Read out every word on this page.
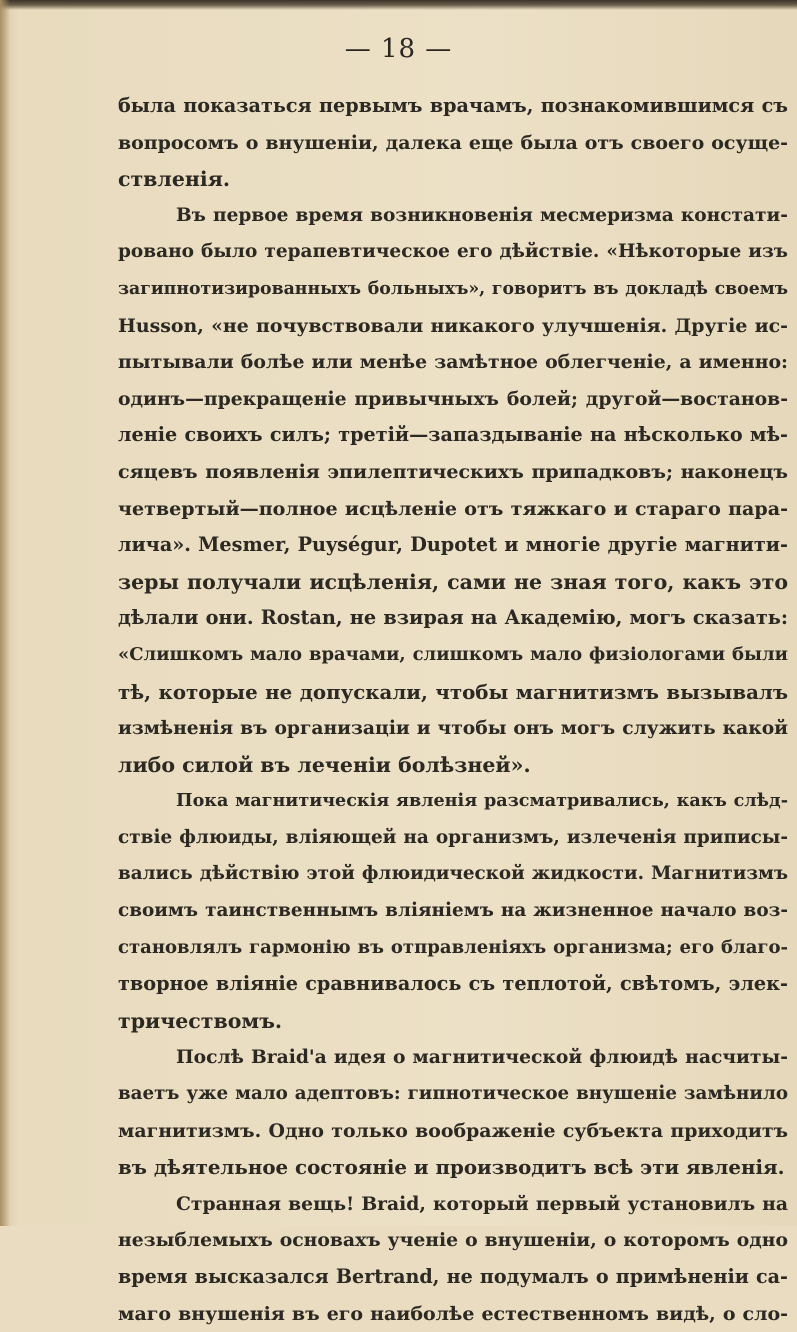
— 18 —
была показаться первымъ врачамъ, познакомившимся съ
вопросомъ о внушеніи, далека еще была отъ своего осуще-
ствленія.
Въ первое время возникновенія месмеризма констати-
ровано было терапевтическое его дѣйствіе. «Нѣкоторые изъ
загипнотизированныхъ больныхъ», говоритъ въ докладѣ своемъ
Husson, «не почувствовали никакого улучшенія. Другіе ис-
пытывали болѣе или менѣе замѣтное облегченіе, а именно:
одинъ—прекращеніе привычныхъ болей; другой—востанов-
леніе своихъ силъ; третій—запаздываніе на нѣсколько мѣ-
сяцевъ появленія эпилептическихъ припадковъ; наконецъ
четвертый—полное исцѣленіе отъ тяжкаго и стараго пара-
лича». Mesmer, Puységur, Dupotet и многіе другіе магнити-
зеры получали исцѣленія, сами не зная того, какъ это
дѣлали они. Rostan, не взирая на Академію, могъ сказать:
«Слишкомъ мало врачами, слишкомъ мало физіологами были
тѣ, которые не допускали, чтобы магнитизмъ вызывалъ
измѣненія въ организаціи и чтобы онъ могъ служить какой
либо силой въ леченіи болѣзней».
Пока магнитическія явленія разсматривались, какъ слѣд-
ствіе флюиды, вліяющей на организмъ, излеченія приписы-
вались дѣйствію этой флюидической жидкости. Магнитизмъ
своимъ таинственнымъ вліяніемъ на жизненное начало воз-
становлялъ гармонію въ отправленіяхъ организма; его благо-
творное вліяніе сравнивалось съ теплотой, свѣтомъ, элек-
тричествомъ.
Послѣ Braid'а идея о магнитической флюидѣ насчиты-
ваетъ уже мало адептовъ: гипнотическое внушеніе замѣнило
магнитизмъ. Одно только воображеніе субъекта приходитъ
въ дѣятельное состояніе и производитъ всѣ эти явленія.
Странная вещь! Braid, который первый установилъ на
незыблемыхъ основахъ ученіе о внушеніи, о которомъ одно
время высказался Bertrand, не подумалъ о примѣненіи са-
маго внушенія въ его наиболѣе естественномъ видѣ, о сло-
